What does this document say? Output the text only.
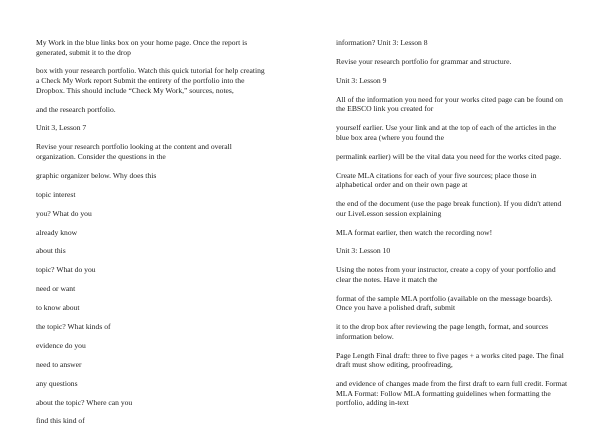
My Work in the blue links box on your home page. Once the report is generated, submit it to the drop

box with your research portfolio. Watch this quick tutorial for help creating a Check My Work report Submit the entirety of the portfolio into the Dropbox. This should include “Check My Work,” sources, notes,

and the research portfolio.

Unit 3, Lesson 7

Revise your research portfolio looking at the content and overall organization. Consider the questions in the

graphic organizer below. Why does this

topic interest

you? What do you

already know

about this

topic? What do you

need or want

to know about

the topic? What kinds of

evidence do you

need to answer

any questions

about the topic? Where can you

find this kind of

information? Unit 3: Lesson 8

Revise your research portfolio for grammar and structure.

Unit 3: Lesson 9

All of the information you need for your works cited page can be found on the EBSCO link you created for

yourself earlier. Use your link and at the top of each of the articles in the blue box area (where you found the

permalink earlier) will be the vital data you need for the works cited page.

Create MLA citations for each of your five sources; place those in alphabetical order and on their own page at

the end of the document (use the page break function). If you didn't attend our LiveLesson session explaining

MLA format earlier, then watch the recording now!

Unit 3: Lesson 10

Using the notes from your instructor, create a copy of your portfolio and clear the notes. Have it match the

format of the sample MLA portfolio (available on the message boards). Once you have a polished draft, submit

it to the drop box after reviewing the page length, format, and sources information below.

Page Length Final draft: three to five pages + a works cited page. The final draft must show editing, proofreading,

and evidence of changes made from the first draft to earn full credit. Format MLA Format: Follow MLA formatting guidelines when formatting the portfolio, adding in-text
